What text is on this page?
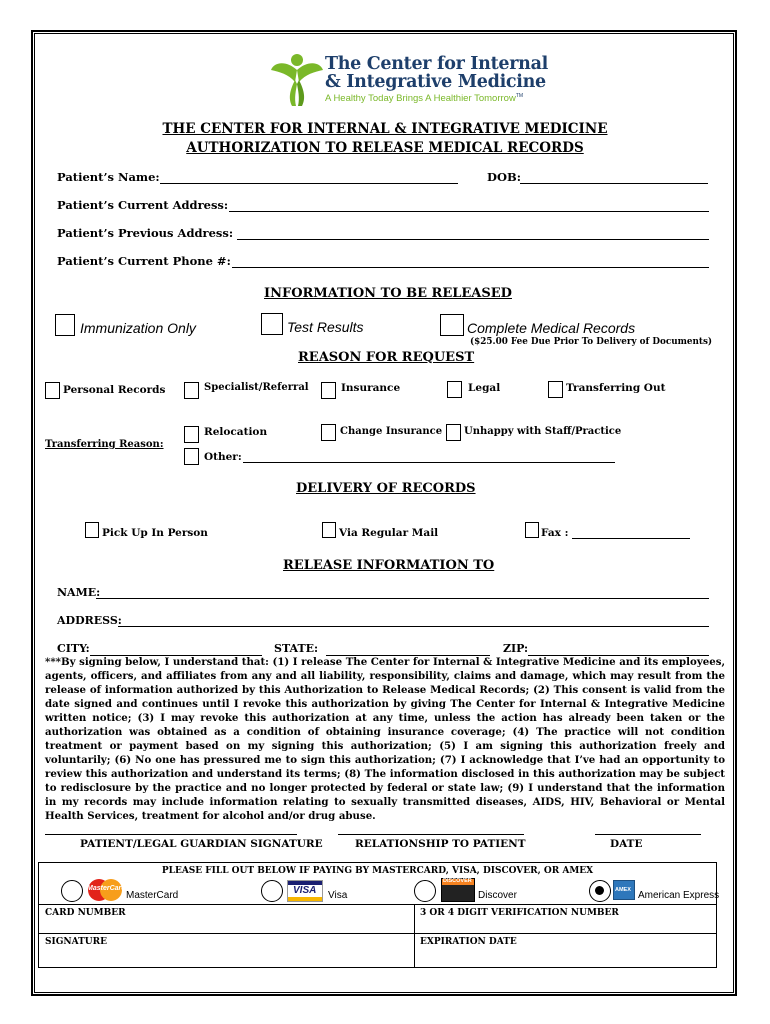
The Center for Internal
& Integrative Medicine
A Healthy Today Brings A Healthier Tomorrow™
THE CENTER FOR INTERNAL & INTEGRATIVE MEDICINE
AUTHORIZATION TO RELEASE MEDICAL RECORDS
Patient’s Name:	DOB:
Patient’s Current Address:
Patient’s Previous Address:
Patient’s Current Phone #:
INFORMATION TO BE RELEASED
Immunization Only	Test Results	Complete Medical Records
($25.00 Fee Due Prior To Delivery of Documents)
REASON FOR REQUEST
Personal Records	Specialist/Referral	Insurance	Legal	Transferring Out
Transferring Reason:
Relocation	Change Insurance Unhappy with Staff/Practice
Other:
DELIVERY OF RECORDS
Pick Up In Person	Via Regular Mail	Fax :
RELEASE INFORMATION TO
NAME:
ADDRESS:
CITY:	STATE:	ZIP:
***By signing below, I understand that: (1) I release The Center for Internal & Integrative Medicine and its employees, agents, officers, and affiliates from any and all liability, responsibility, claims and damage, which may result from the release of information authorized by this Authorization to Release Medical Records; (2) This consent is valid from the date signed and continues until I revoke this authorization by giving The Center for Internal & Integrative Medicine written notice; (3) I may revoke this authorization at any time, unless the action has already been taken or the authorization was obtained as a condition of obtaining insurance coverage; (4) The practice will not condition treatment or payment based on my signing this authorization; (5) I am signing this authorization freely and voluntarily; (6) No one has pressured me to sign this authorization; (7) I acknowledge that I’ve had an opportunity to review this authorization and understand its terms; (8) The information disclosed in this authorization may be subject to redisclosure by the practice and no longer protected by federal or state law; (9) I understand that the information in my records may include information relating to sexually transmitted diseases, AIDS, HIV, Behavioral or Mental Health Services, treatment for alcohol and/or drug abuse.
PATIENT/LEGAL GUARDIAN SIGNATURE	RELATIONSHIP TO PATIENT	DATE
PLEASE FILL OUT BELOW IF PAYING BY MASTERCARD, VISA, DISCOVER, OR AMEX
MasterCard
MasterCard	VISA Visa
DISCOVER
Discover	AMEX American Express
CARD NUMBER	3 OR 4 DIGIT VERIFICATION NUMBER
SIGNATURE	EXPIRATION DATE
